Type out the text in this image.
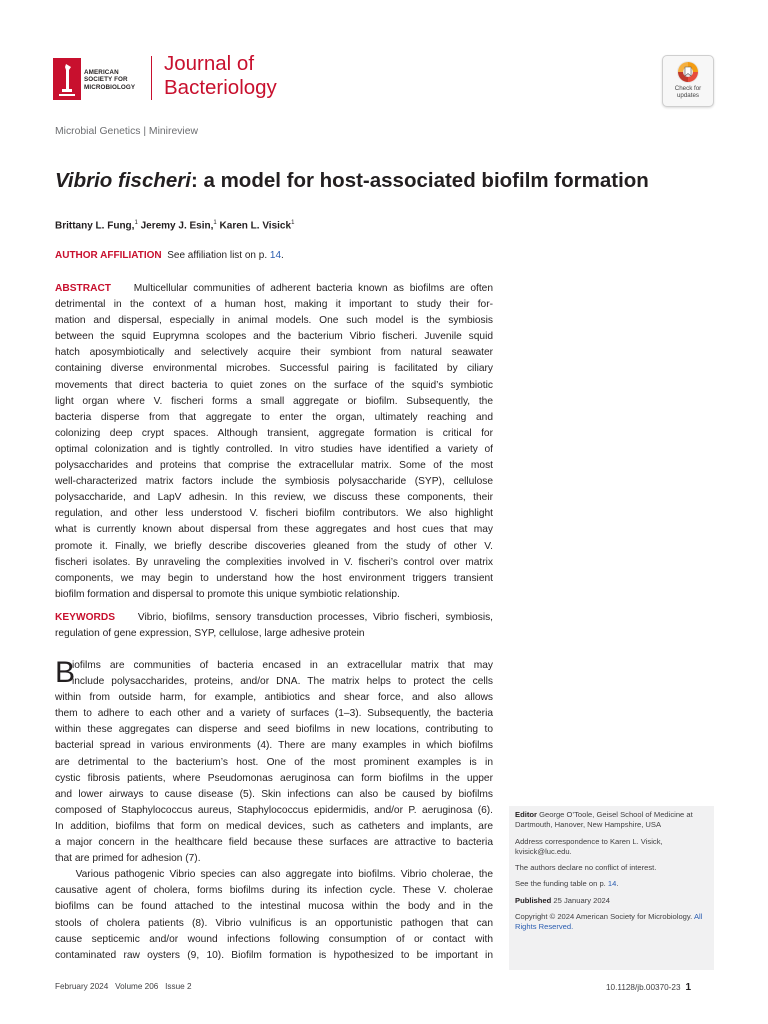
AMERICAN
SOCIETY FOR
MICROBIOLOGY
Journal of
Bacteriology	Check for
updates
Microbial Genetics | Minireview
Vibrio fischeri: a model for host-associated biofilm formation
Brittany L. Fung,$^1$ Jeremy J. Esin,$^1$ Karen L. Visick$^1$
AUTHOR AFFILIATION See affiliation list on p. 14.
ABSTRACT Multicellular communities of adherent bacteria known as biofilms are often
detrimental in the context of a human host, making it important to study their for-
mation and dispersal, especially in animal models. One such model is the symbiosis
between the squid Euprymna scolopes and the bacterium Vibrio fischeri. Juvenile squid
hatch aposymbiotically and selectively acquire their symbiont from natural seawater
containing diverse environmental microbes. Successful pairing is facilitated by ciliary
movements that direct bacteria to quiet zones on the surface of the squid’s symbiotic
light organ where V. fischeri forms a small aggregate or biofilm. Subsequently, the
bacteria disperse from that aggregate to enter the organ, ultimately reaching and
colonizing deep crypt spaces. Although transient, aggregate formation is critical for
optimal colonization and is tightly controlled. In vitro studies have identified a variety of
polysaccharides and proteins that comprise the extracellular matrix. Some of the most
well-characterized matrix factors include the symbiosis polysaccharide (SYP), cellulose
polysaccharide, and LapV adhesin. In this review, we discuss these components, their
regulation, and other less understood V. fischeri biofilm contributors. We also highlight
what is currently known about dispersal from these aggregates and host cues that may
promote it. Finally, we briefly describe discoveries gleaned from the study of other V.
fischeri isolates. By unraveling the complexities involved in V. fischeri’s control over matrix
components, we may begin to understand how the host environment triggers transient
biofilm formation and dispersal to promote this unique symbiotic relationship.
KEYWORDS Vibrio, biofilms, sensory transduction processes, Vibrio fischeri, symbiosis,
regulation of gene expression, SYP, cellulose, large adhesive protein
B
iofilms are communities of bacteria encased in an extracellular matrix that may
include polysaccharides, proteins, and/or DNA. The matrix helps to protect the cells
within from outside harm, for example, antibiotics and shear force, and also allows
them to adhere to each other and a variety of surfaces (1–3). Subsequently, the bacteria
within these aggregates can disperse and seed biofilms in new locations, contributing to
bacterial spread in various environments (4). There are many examples in which biofilms
are detrimental to the bacterium’s host. One of the most prominent examples is in
cystic fibrosis patients, where Pseudomonas aeruginosa can form biofilms in the upper
and lower airways to cause disease (5). Skin infections can also be caused by biofilms
composed of Staphylococcus aureus, Staphylococcus epidermidis, and/or P. aeruginosa (6).
In addition, biofilms that form on medical devices, such as catheters and implants, are
a major concern in the healthcare field because these surfaces are attractive to bacteria
that are primed for adhesion (7).
Various pathogenic Vibrio species can also aggregate into biofilms. Vibrio cholerae, the
causative agent of cholera, forms biofilms during its infection cycle. These V. cholerae
biofilms can be found attached to the intestinal mucosa within the body and in the
stools of cholera patients (8). Vibrio vulnificus is an opportunistic pathogen that can
cause septicemic and/or wound infections following consumption of or contact with
contaminated raw oysters (9, 10). Biofilm formation is hypothesized to be important in
Editor George O’Toole, Geisel School of Medicine at Dartmouth, Hanover, New Hampshire, USA
Address correspondence to Karen L. Visick, kvisick@luc.edu.
The authors declare no conflict of interest.
See the funding table on p. 14.
Published 25 January 2024
Copyright © 2024 American Society for Microbiology. All Rights Reserved.
February 2024   Volume 206   Issue 2	10.1128/jb.00370-23 1
